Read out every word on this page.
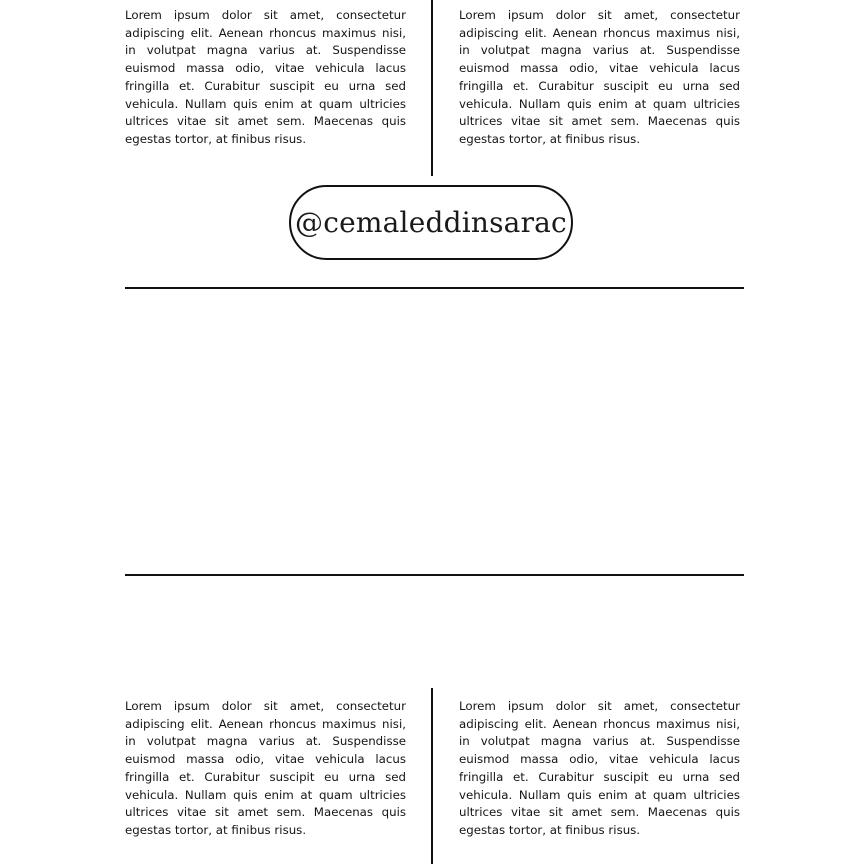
Lorem ipsum dolor sit amet, consectetur adipiscing elit. Aenean rhoncus maximus nisi, in volutpat magna varius at. Suspendisse euismod massa odio, vitae vehicula lacus fringilla et. Curabitur suscipit eu urna sed vehicula. Nullam quis enim at quam ultricies ultrices vitae sit amet sem. Maecenas quis egestas tortor, at finibus risus.

Lorem ipsum dolor sit amet, consectetur adipiscing elit. Aenean rhoncus maximus nisi, in volutpat magna varius at. Suspendisse euismod massa odio, vitae vehicula lacus fringilla et. Curabitur suscipit eu urna sed vehicula. Nullam quis enim at quam ultricies ultrices vitae sit amet sem. Maecenas quis egestas tortor, at finibus risus.

@cemaleddinsarac

Lorem ipsum dolor sit amet, consectetur adipiscing elit. Aenean rhoncus maximus nisi, in volutpat magna varius at. Suspendisse euismod massa odio, vitae vehicula lacus fringilla et. Curabitur suscipit eu urna sed vehicula. Nullam quis enim at quam ultricies ultrices vitae sit amet sem. Maecenas quis egestas tortor, at finibus risus.

Lorem ipsum dolor sit amet, consectetur adipiscing elit. Aenean rhoncus maximus nisi, in volutpat magna varius at. Suspendisse euismod massa odio, vitae vehicula lacus fringilla et. Curabitur suscipit eu urna sed vehicula. Nullam quis enim at quam ultricies ultrices vitae sit amet sem. Maecenas quis egestas tortor, at finibus risus.
